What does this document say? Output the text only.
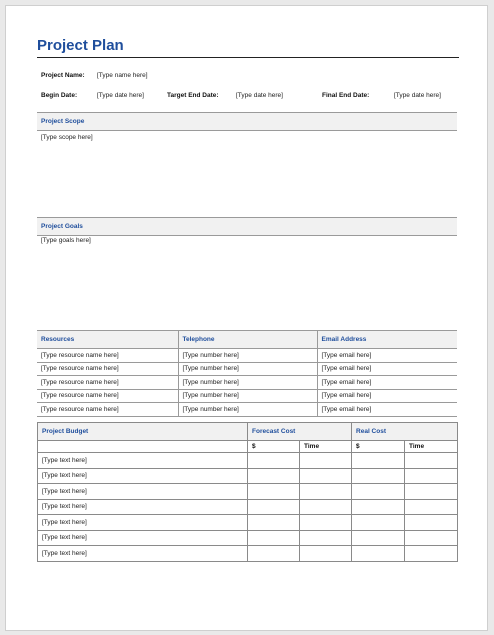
Project Plan
Project Name: [Type name here]
Begin Date:	[Type date here]	Target End Date:	[Type date here]	Final End Date:	[Type date here]
Project Scope
[Type scope here]
Project Goals
[Type goals here]
Resources	Telephone	Email Address
[Type resource name here]	[Type number here]	[Type email here]
[Type resource name here]	[Type number here]	[Type email here]
[Type resource name here]	[Type number here]	[Type email here]
[Type resource name here]	[Type number here]	[Type email here]
[Type resource name here]	[Type number here]	[Type email here]
Project Budget	Forecast Cost		Real Cost	
	$	Time	$	Time
[Type text here]				
[Type text here]				
[Type text here]				
[Type text here]				
[Type text here]				
[Type text here]				
[Type text here]				
